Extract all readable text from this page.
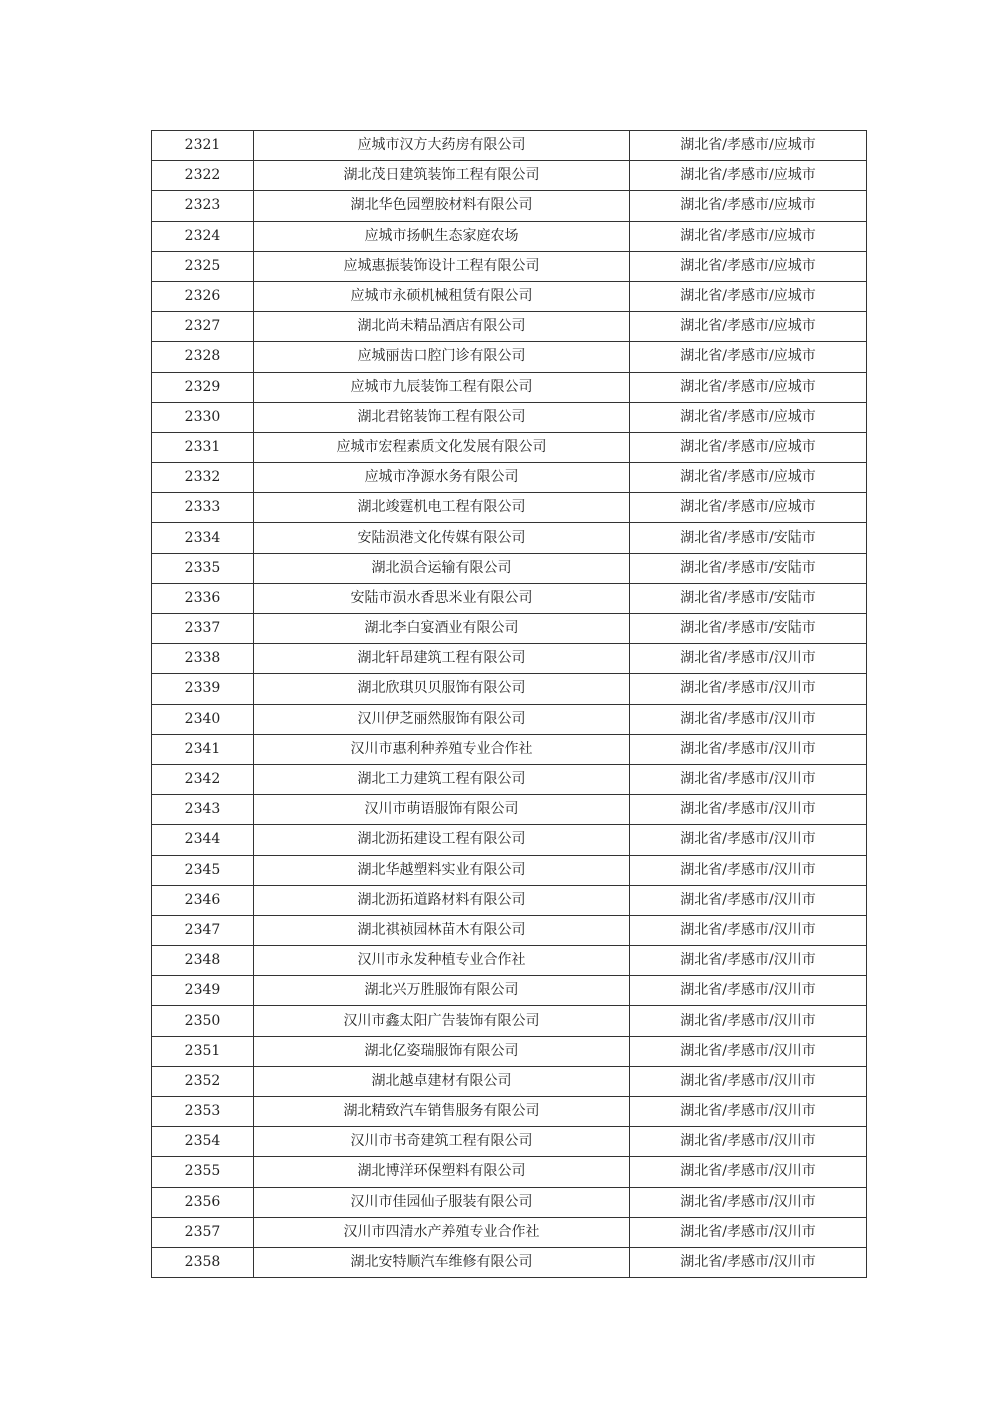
2321	应城市汉方大药房有限公司	湖北省/孝感市/应城市
2322	湖北茂日建筑装饰工程有限公司	湖北省/孝感市/应城市
2323	湖北华色园塑胶材料有限公司	湖北省/孝感市/应城市
2324	应城市扬帆生态家庭农场	湖北省/孝感市/应城市
2325	应城惠振装饰设计工程有限公司	湖北省/孝感市/应城市
2326	应城市永硕机械租赁有限公司	湖北省/孝感市/应城市
2327	湖北尚未精品酒店有限公司	湖北省/孝感市/应城市
2328	应城丽齿口腔门诊有限公司	湖北省/孝感市/应城市
2329	应城市九辰装饰工程有限公司	湖北省/孝感市/应城市
2330	湖北君铭装饰工程有限公司	湖北省/孝感市/应城市
2331	应城市宏程素质文化发展有限公司	湖北省/孝感市/应城市
2332	应城市净源水务有限公司	湖北省/孝感市/应城市
2333	湖北竣霆机电工程有限公司	湖北省/孝感市/应城市
2334	安陆涢港文化传媒有限公司	湖北省/孝感市/安陆市
2335	湖北涢合运输有限公司	湖北省/孝感市/安陆市
2336	安陆市涢水香思米业有限公司	湖北省/孝感市/安陆市
2337	湖北李白宴酒业有限公司	湖北省/孝感市/安陆市
2338	湖北轩昂建筑工程有限公司	湖北省/孝感市/汉川市
2339	湖北欣琪贝贝服饰有限公司	湖北省/孝感市/汉川市
2340	汉川伊芝丽然服饰有限公司	湖北省/孝感市/汉川市
2341	汉川市惠利种养殖专业合作社	湖北省/孝感市/汉川市
2342	湖北工力建筑工程有限公司	湖北省/孝感市/汉川市
2343	汉川市萌语服饰有限公司	湖北省/孝感市/汉川市
2344	湖北沥拓建设工程有限公司	湖北省/孝感市/汉川市
2345	湖北华越塑料实业有限公司	湖北省/孝感市/汉川市
2346	湖北沥拓道路材料有限公司	湖北省/孝感市/汉川市
2347	湖北祺祯园林苗木有限公司	湖北省/孝感市/汉川市
2348	汉川市永发种植专业合作社	湖北省/孝感市/汉川市
2349	湖北兴万胜服饰有限公司	湖北省/孝感市/汉川市
2350	汉川市鑫太阳广告装饰有限公司	湖北省/孝感市/汉川市
2351	湖北亿姿瑞服饰有限公司	湖北省/孝感市/汉川市
2352	湖北越卓建材有限公司	湖北省/孝感市/汉川市
2353	湖北精致汽车销售服务有限公司	湖北省/孝感市/汉川市
2354	汉川市书奇建筑工程有限公司	湖北省/孝感市/汉川市
2355	湖北博洋环保塑料有限公司	湖北省/孝感市/汉川市
2356	汉川市佳园仙子服装有限公司	湖北省/孝感市/汉川市
2357	汉川市四清水产养殖专业合作社	湖北省/孝感市/汉川市
2358	湖北安特顺汽车维修有限公司	湖北省/孝感市/汉川市
